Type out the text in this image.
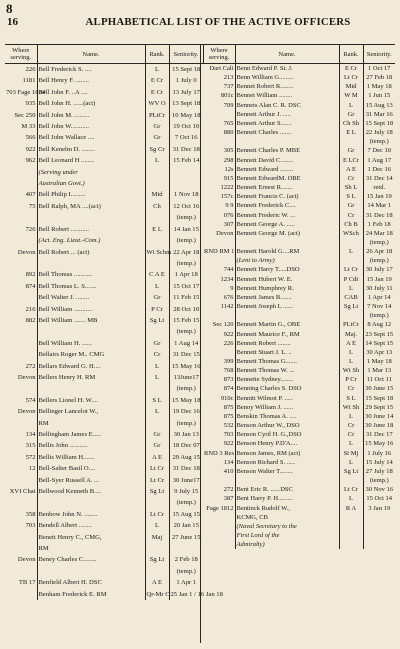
8
16	ALPHABETICAL LIST OF THE ACTIVE OFFICERS
Where serving.	Name.	Rank.	Seniority.	Where serving.	Name.	Rank.	Seniority.
226	Bell Frederick S. ....	L	15 Sept 18
1181	Bell Henry F. ........	E Cr	1 July 0
703 Fage 1834	Bell John F. ..A ....	E Cr	13 July 17
935	Bell John H. ......(act)	WV O	13 Sept 18
Sec 250	Bell John M. .........	PLtCr	10 May 18
M 33	Bell John W...........	Gr	19 Oct 10
566	Bell John Wallace ....	Gr	7 Oct 16
922	Bell Kenelm D. ........	Sg Cr	31 Dec 18
962	Bell Leonard H ........	L	15 Feb 14
	(Serving under		
	Australian Govt.)		
407	Bell Philip I.........	Mid	1 Nov 18
75	Bell Ralph, MA ....(act)	Ch	12 Oct 16
			(temp.)
726	Bell Robert ...........	E L	14 Jan 15
	(Act. Eng. Lieut.-Com.)		(temp.)
Devon	Bell Robert ... (act)	Wt Schm	22 Apr 18
			(temp.)
892	Bell Thomas ...........	C A E	1 Apr 18
874	Bell Thomas L. S.......	L	15 Oct 17
	Bell Walter J. ........	Gr	11 Feb 15
216	Bell William ...........	P Cr	28 Oct 10
882	Bell William ....... MB	Sg Lt	15 Feb 15
			(temp.)
	Bell William H. ......	Gr	1 Aug 14
	Bellairs Roger M.. CMG	Cr	31 Dec 15
272	Bellars Edward G. H....	L	15 May 16
Devon	Bellers Henry H. RM	L	13June17
			(temp.)
574	Bellers Lionel H. W....	S L	15 May 18
Devon	Bellinger Lancelot W.,	L	19 Dec 16
	RM		(temp.)
134	Bellingham James E.....	Gr	30 Jan 13
315	Bellis John ...........	Gr	18 Dec 07
572	Bellis William H.......	A E	29 Aug 15
12	Bell-Salter Basil O....	Lt Cr	31 Dec 18
	Bell-Syer Russell A. ...	Lt Cr	30 June17
XVI Chat	Bellwood Kenneth B....	Sg Lt	9 July 15
			(temp.)
358	Benbow John N. ........	Lt Cr	15 Aug 15
703	Bendell Albert ........	L	20 Jan 15
	Benett Henry C., CMG,	Maj	27 June 15
	RM		
Devon	Beney Charles C........	Sg Lt	2 Feb 18
			(temp.)
TB 17	Benfield Albert H. DSC	A E	1 Apr 1
	Benham Frederick E. RM	Qr-Mr C	25 Jan 1 / 16 Jan 18
Dart Cali	Benn Edward P. St. J.	E Cr	1 Oct 17
213	Benn William G.........	Lt Cr	27 Feb 18
737	Bennet Robert R........	Mid	1 May 18
801c	Bennet William ........	W M	1 Jun 15
709	Bennets Alan C. R. DSC	L	15 Aug 13
	Bennett Arthur J. .....	Gr	31 Mar 16
765	Bennett Arthur S.......	Ch Sh	15 Sept 18
880	Bennett Charles .......	E L	22 July 18
			(temp.)
305	Bennett Charles P. MBE	Gr	7 Dec 10
298	Bennett David C........	E LCr	1 Aug 17
12s	Bennett Edward ........	A E	1 Dec 16
915	Bennett EdwardM. OBE	Cr	31 Dec 14
1222	Bennett Ernest R.......	Sh L	retd.
157c	Bennett Francis C. (act)	S L	15 Jan 19
9 9	Bennett Frederick C....	Gr	14 Mar 1
076	Bennett Frederic W. ...	Cr	31 Dec 18
307	Bennett George A. .....	Ch B	1 Feb 18
Devon	Bennett George M. (act)	WSch	24 Mar 18
			(temp.)
RND RM 1	Bennett Harold G....RM	L	26 Apr 18
	(Lent to Army)		(temp.)
744	Bennett Harry T.....DSO	Lt Cr	30 July 17
1234	Bennett Hubert W. E.	P Cdt	15 Jan 19
9	Bennett Humphrey R.	L	30 July 11
676	Bennett James B.......	CAB	1 Apr 14
1142	Bennett Joseph L ......	Sg Lt	7 Nov 14
			(temp.)
Sec 120	Bennett Martin G., OBE	PLtCr	8 Aug 12
922	Bennett Maurice F., RM	Maj.	23 Sept 15
226	Bennett Robert ........	A E	14 Sept 15
	Bennett Stuart J. L. ..	L	30 Apr 13
399	Bennett Thomas G.......	L	1 May 18
768	Bennett Thomas W. ...	Wt Sh	1 Mar 13
873	Bennette Sydney........	P Cr	11 Oct 11
874	Benning Charles S. DSO	Cr	30 June 15
910c	Bennitt Wilmot P. .....	S L	15 Sept 18
875	Benoy William J. ......	Wt Sh	29 Sept 15
875	Benskin Thomas A. ....	L	30 June 14
532	Benson Arthur W., DSO	Cr	30 June 18
703	Benson Cyril H. G.,DSO	Cr	31 Dec 17
922	Benson Henry P.D'A....	L	15 May 16
RND 3 Res	Benson James, RM (act)	St Mj	1 July 16
134	Benson Richard S. .....	L	15 July 14
410	Benson Walter T........	Sg Lt	27 July 18
			(temp.)
272	Bent Eric R. ......DSC	Lt Cr	30 Nov 16
387	Bent Harry P. H.........	L	15 Oct 14
Fage 1812	Bentinck Rudolf W.,	R A	3 Jan 19
	KCMG, CB		
	(Naval Secretary to the		
	First Lord of the		
	Admiralty)		
